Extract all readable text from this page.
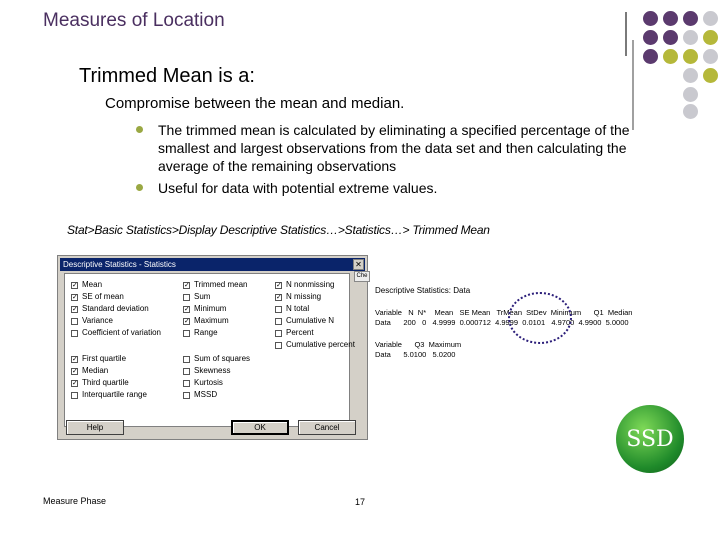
Measures of Location
Trimmed Mean is a:
Compromise between the mean and median.
The trimmed mean is calculated by eliminating a specified percentage of the smallest and largest observations from the data set and then calculating the average of the remaining observations
Useful for data with potential extreme values.
Stat>Basic Statistics>Display Descriptive Statistics…>Statistics…> Trimmed Mean
Descriptive Statistics - Statistics	✕
✓ Mean
✓ SE of mean
✓ Standard deviation
Variance
Coefficient of variation
✓ First quartile
✓ Median
✓ Third quartile
Interquartile range
✓ Trimmed mean
Sum
✓ Minimum
✓ Maximum
Range
Sum of squares
Skewness
Kurtosis
MSSD
✓ N nonmissing
✓ N missing
N total
Cumulative N
Percent
Cumulative percent
Help	OK	Cancel
Che
Descriptive Statistics: Data
Variable   N  N*    Mean   SE Mean   TrMean  StDev  Minimum      Q1  Median
Data      200   0   4.9999  0.000712  4.9999  0.0101   4.9700  4.9900  5.0000
Variable      Q3  Maximum
Data      5.0100   5.0200
SSD
Measure Phase	17
